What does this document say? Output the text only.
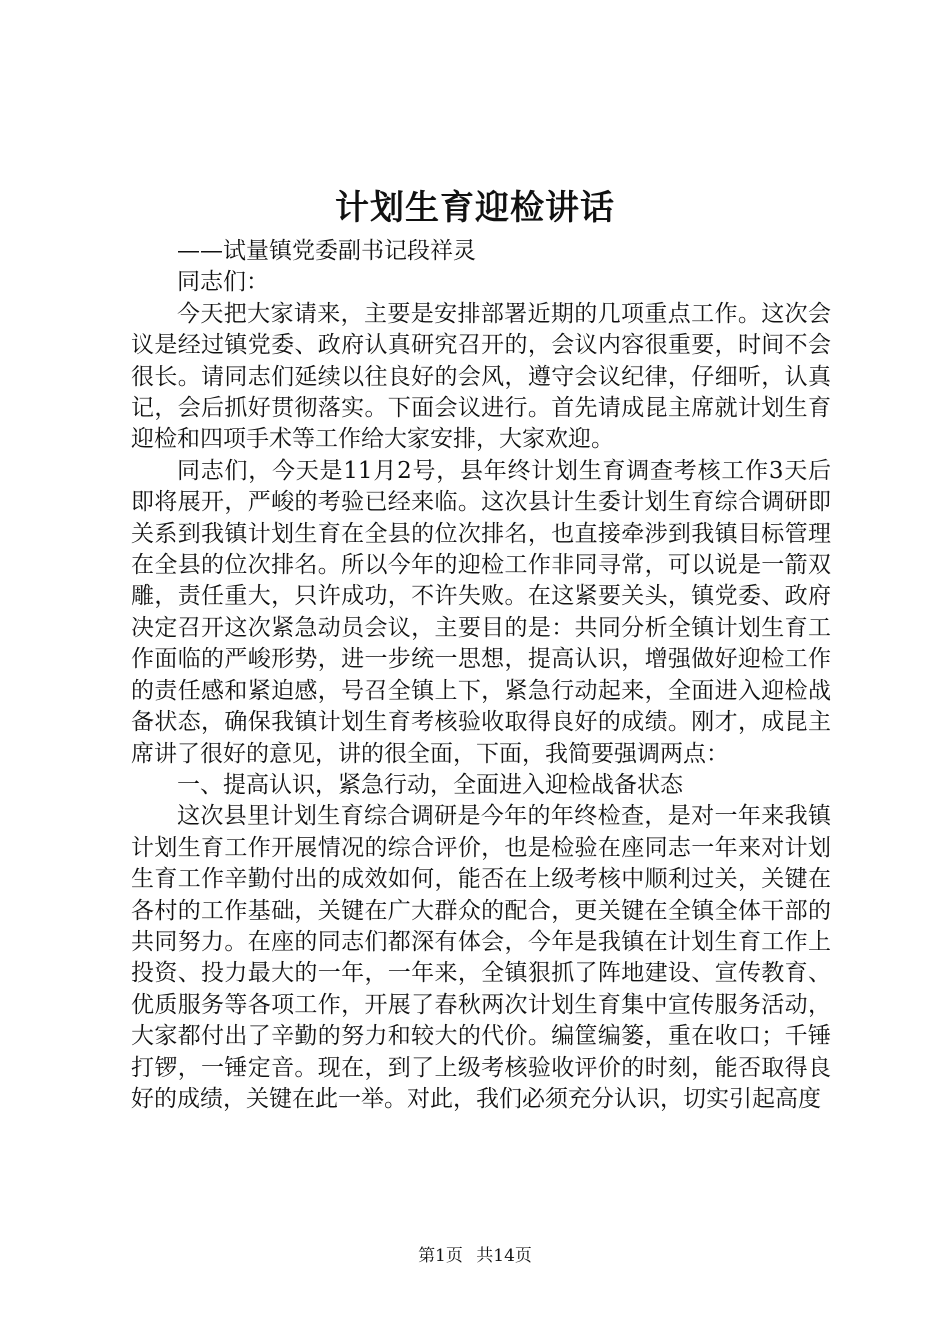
计划生育迎检讲话

——试量镇党委副书记段祥灵

同志们：

今天把大家请来，主要是安排部署近期的几项重点工作。这次会议是经过镇党委、政府认真研究召开的，会议内容很重要，时间不会很长。请同志们延续以往良好的会风，遵守会议纪律，仔细听，认真记，会后抓好贯彻落实。下面会议进行。首先请成昆主席就计划生育迎检和四项手术等工作给大家安排，大家欢迎。

同志们，今天是11月2号，县年终计划生育调查考核工作3天后即将展开，严峻的考验已经来临。这次县计生委计划生育综合调研即关系到我镇计划生育在全县的位次排名，也直接牵涉到我镇目标管理在全县的位次排名。所以今年的迎检工作非同寻常，可以说是一箭双雕，责任重大，只许成功，不许失败。在这紧要关头，镇党委、政府决定召开这次紧急动员会议，主要目的是：共同分析全镇计划生育工作面临的严峻形势，进一步统一思想，提高认识，增强做好迎检工作的责任感和紧迫感，号召全镇上下，紧急行动起来，全面进入迎检战备状态，确保我镇计划生育考核验收取得良好的成绩。刚才，成昆主席讲了很好的意见，讲的很全面，下面，我简要强调两点：

一、提高认识，紧急行动，全面进入迎检战备状态

这次县里计划生育综合调研是今年的年终检查，是对一年来我镇计划生育工作开展情况的综合评价，也是检验在座同志一年来对计划生育工作辛勤付出的成效如何，能否在上级考核中顺利过关，关键在各村的工作基础，关键在广大群众的配合，更关键在全镇全体干部的共同努力。在座的同志们都深有体会，今年是我镇在计划生育工作上投资、投力最大的一年，一年来，全镇狠抓了阵地建设、宣传教育、优质服务等各项工作，开展了春秋两次计划生育集中宣传服务活动，大家都付出了辛勤的努力和较大的代价。编筐编篓，重在收口；千锤打锣，一锤定音。现在，到了上级考核验收评价的时刻，能否取得良好的成绩，关键在此一举。对此，我们必须充分认识，切实引起高度

第1页 共14页
